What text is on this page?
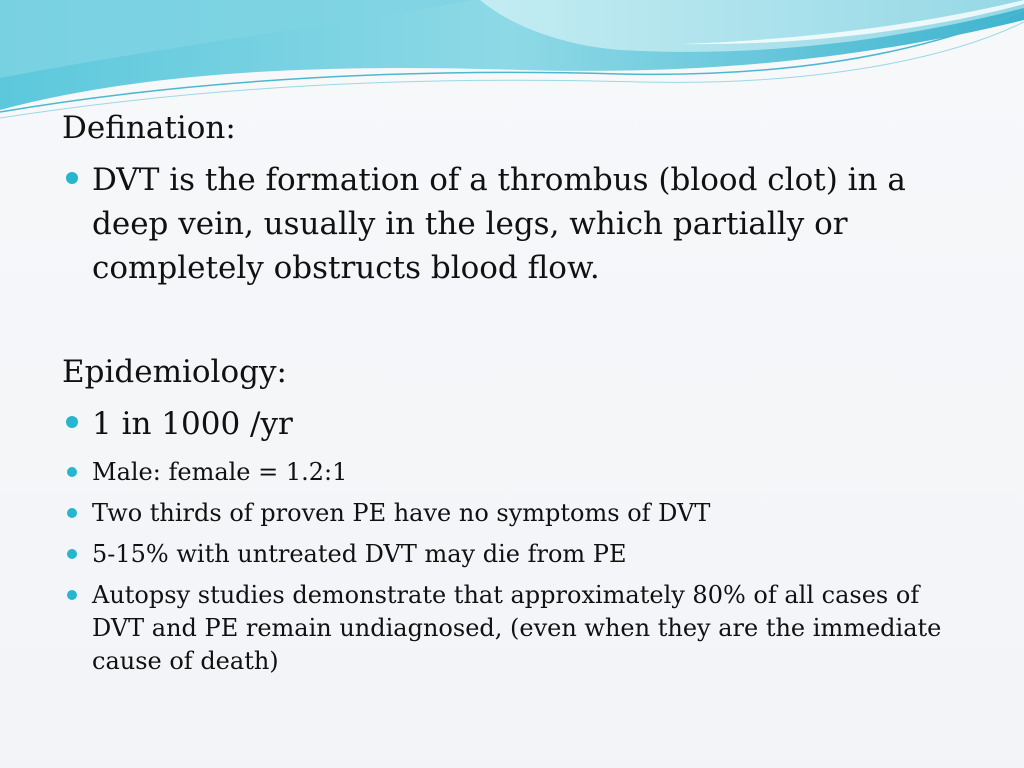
Defination:

DVT is the formation of a thrombus (blood clot) in a deep vein, usually in the legs, which partially or completely obstructs blood flow.

Epidemiology:

1 in 1000 /yr
Male: female = 1.2:1
Two thirds of proven PE have no symptoms of DVT
5-15% with untreated DVT may die from PE
Autopsy studies demonstrate that approximately 80% of all cases of DVT and PE remain undiagnosed, (even when they are the immediate cause of death)
